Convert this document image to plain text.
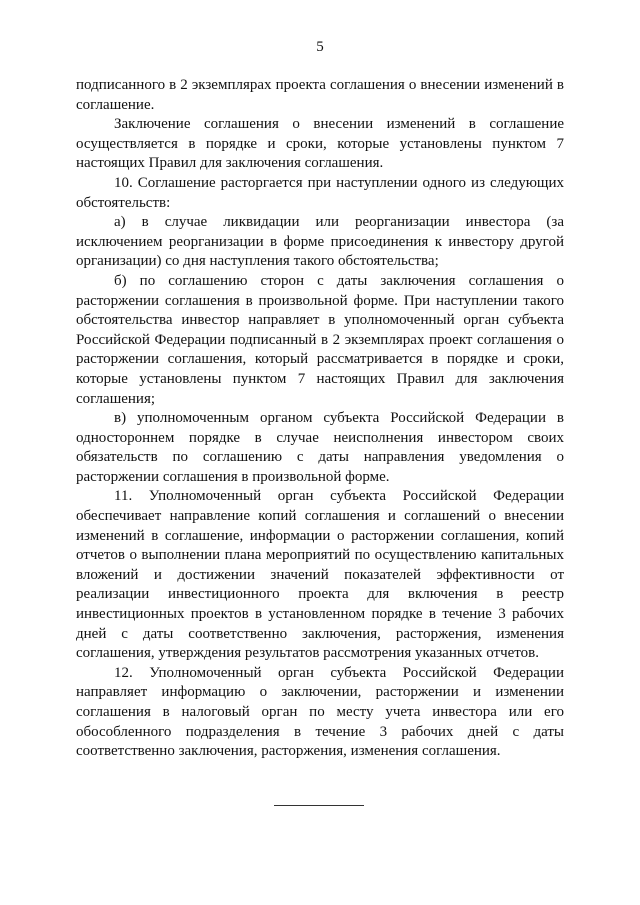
5

подписанного в 2 экземплярах проекта соглашения о внесении изменений в соглашение.

Заключение соглашения о внесении изменений в соглашение осуществляется в порядке и сроки, которые установлены пунктом 7 настоящих Правил для заключения соглашения.

10. Соглашение расторгается при наступлении одного из следующих обстоятельств:

а) в случае ликвидации или реорганизации инвестора (за исключением реорганизации в форме присоединения к инвестору другой организации) со дня наступления такого обстоятельства;

б) по соглашению сторон с даты заключения соглашения о расторжении соглашения в произвольной форме. При наступлении такого обстоятельства инвестор направляет в уполномоченный орган субъекта Российской Федерации подписанный в 2 экземплярах проект соглашения о расторжении соглашения, который рассматривается в порядке и сроки, которые установлены пунктом 7 настоящих Правил для заключения соглашения;

в) уполномоченным органом субъекта Российской Федерации в одностороннем порядке в случае неисполнения инвестором своих обязательств по соглашению с даты направления уведомления о расторжении соглашения в произвольной форме.

11. Уполномоченный орган субъекта Российской Федерации обеспечивает направление копий соглашения и соглашений о внесении изменений в соглашение, информации о расторжении соглашения, копий отчетов о выполнении плана мероприятий по осуществлению капитальных вложений и достижении значений показателей эффективности от реализации инвестиционного проекта для включения в реестр инвестиционных проектов в установленном порядке в течение 3 рабочих дней с даты соответственно заключения, расторжения, изменения соглашения, утверждения результатов рассмотрения указанных отчетов.

12. Уполномоченный орган субъекта Российской Федерации направляет информацию о заключении, расторжении и изменении соглашения в налоговый орган по месту учета инвестора или его обособленного подразделения в течение 3 рабочих дней с даты соответственно заключения, расторжения, изменения соглашения.
